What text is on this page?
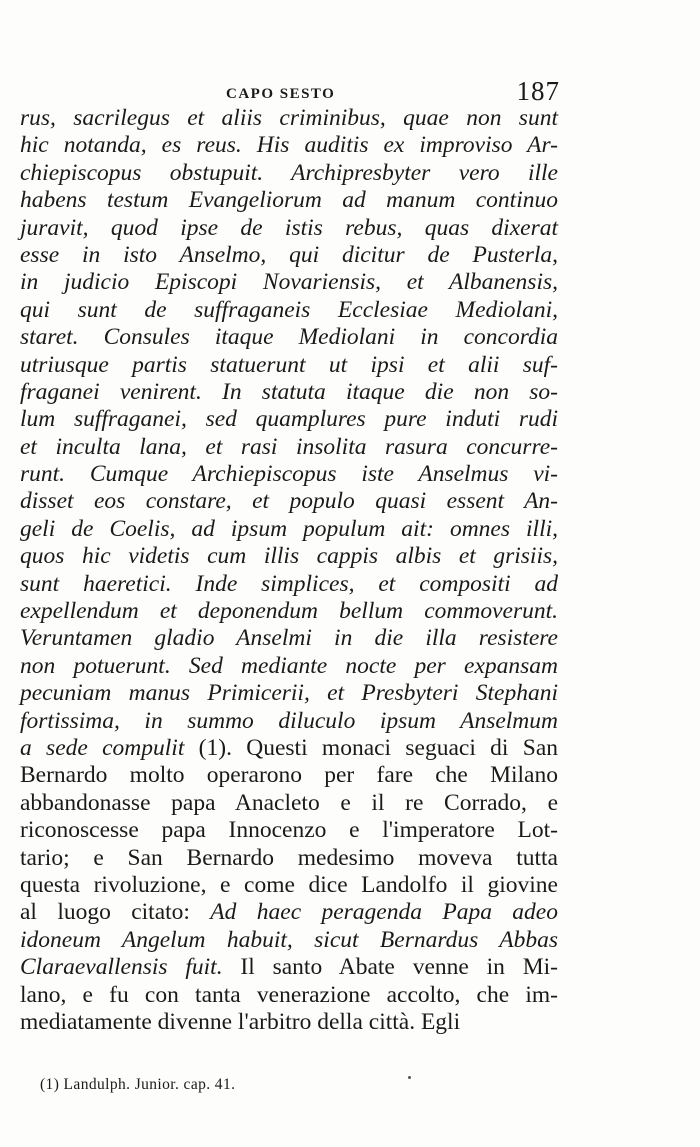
CAPO SESTO	187
rus, sacrilegus et aliis criminibus, quae non sunt
hic notanda, es reus. His auditis ex improviso Ar-
chiepiscopus obstupuit. Archipresbyter vero ille
habens testum Evangeliorum ad manum continuo
juravit, quod ipse de istis rebus, quas dixerat
esse in isto Anselmo, qui dicitur de Pusterla,
in judicio Episcopi Novariensis, et Albanensis,
qui sunt de suffraganeis Ecclesiae Mediolani,
staret. Consules itaque Mediolani in concordia
utriusque partis statuerunt ut ipsi et alii suf-
fraganei venirent. In statuta itaque die non so-
lum suffraganei, sed quamplures pure induti rudi
et inculta lana, et rasi insolita rasura concurre-
runt. Cumque Archiepiscopus iste Anselmus vi-
disset eos constare, et populo quasi essent An-
geli de Coelis, ad ipsum populum ait: omnes illi,
quos hic videtis cum illis cappis albis et grisiis,
sunt haeretici. Inde simplices, et compositi ad
expellendum et deponendum bellum commoverunt.
Veruntamen gladio Anselmi in die illa resistere
non potuerunt. Sed mediante nocte per expansam
pecuniam manus Primicerii, et Presbyteri Stephani
fortissima, in summo diluculo ipsum Anselmum
a sede compulit (1). Questi monaci seguaci di San
Bernardo molto operarono per fare che Milano
abbandonasse papa Anacleto e il re Corrado, e
riconoscesse papa Innocenzo e l'imperatore Lot-
tario; e San Bernardo medesimo moveva tutta
questa rivoluzione, e come dice Landolfo il giovine
al luogo citato: Ad haec peragenda Papa adeo
idoneum Angelum habuit, sicut Bernardus Abbas
Claraevallensis fuit. Il santo Abate venne in Mi-
lano, e fu con tanta venerazione accolto, che im-
mediatamente divenne l'arbitro della città. Egli
(1) Landulph. Junior. cap. 41.
